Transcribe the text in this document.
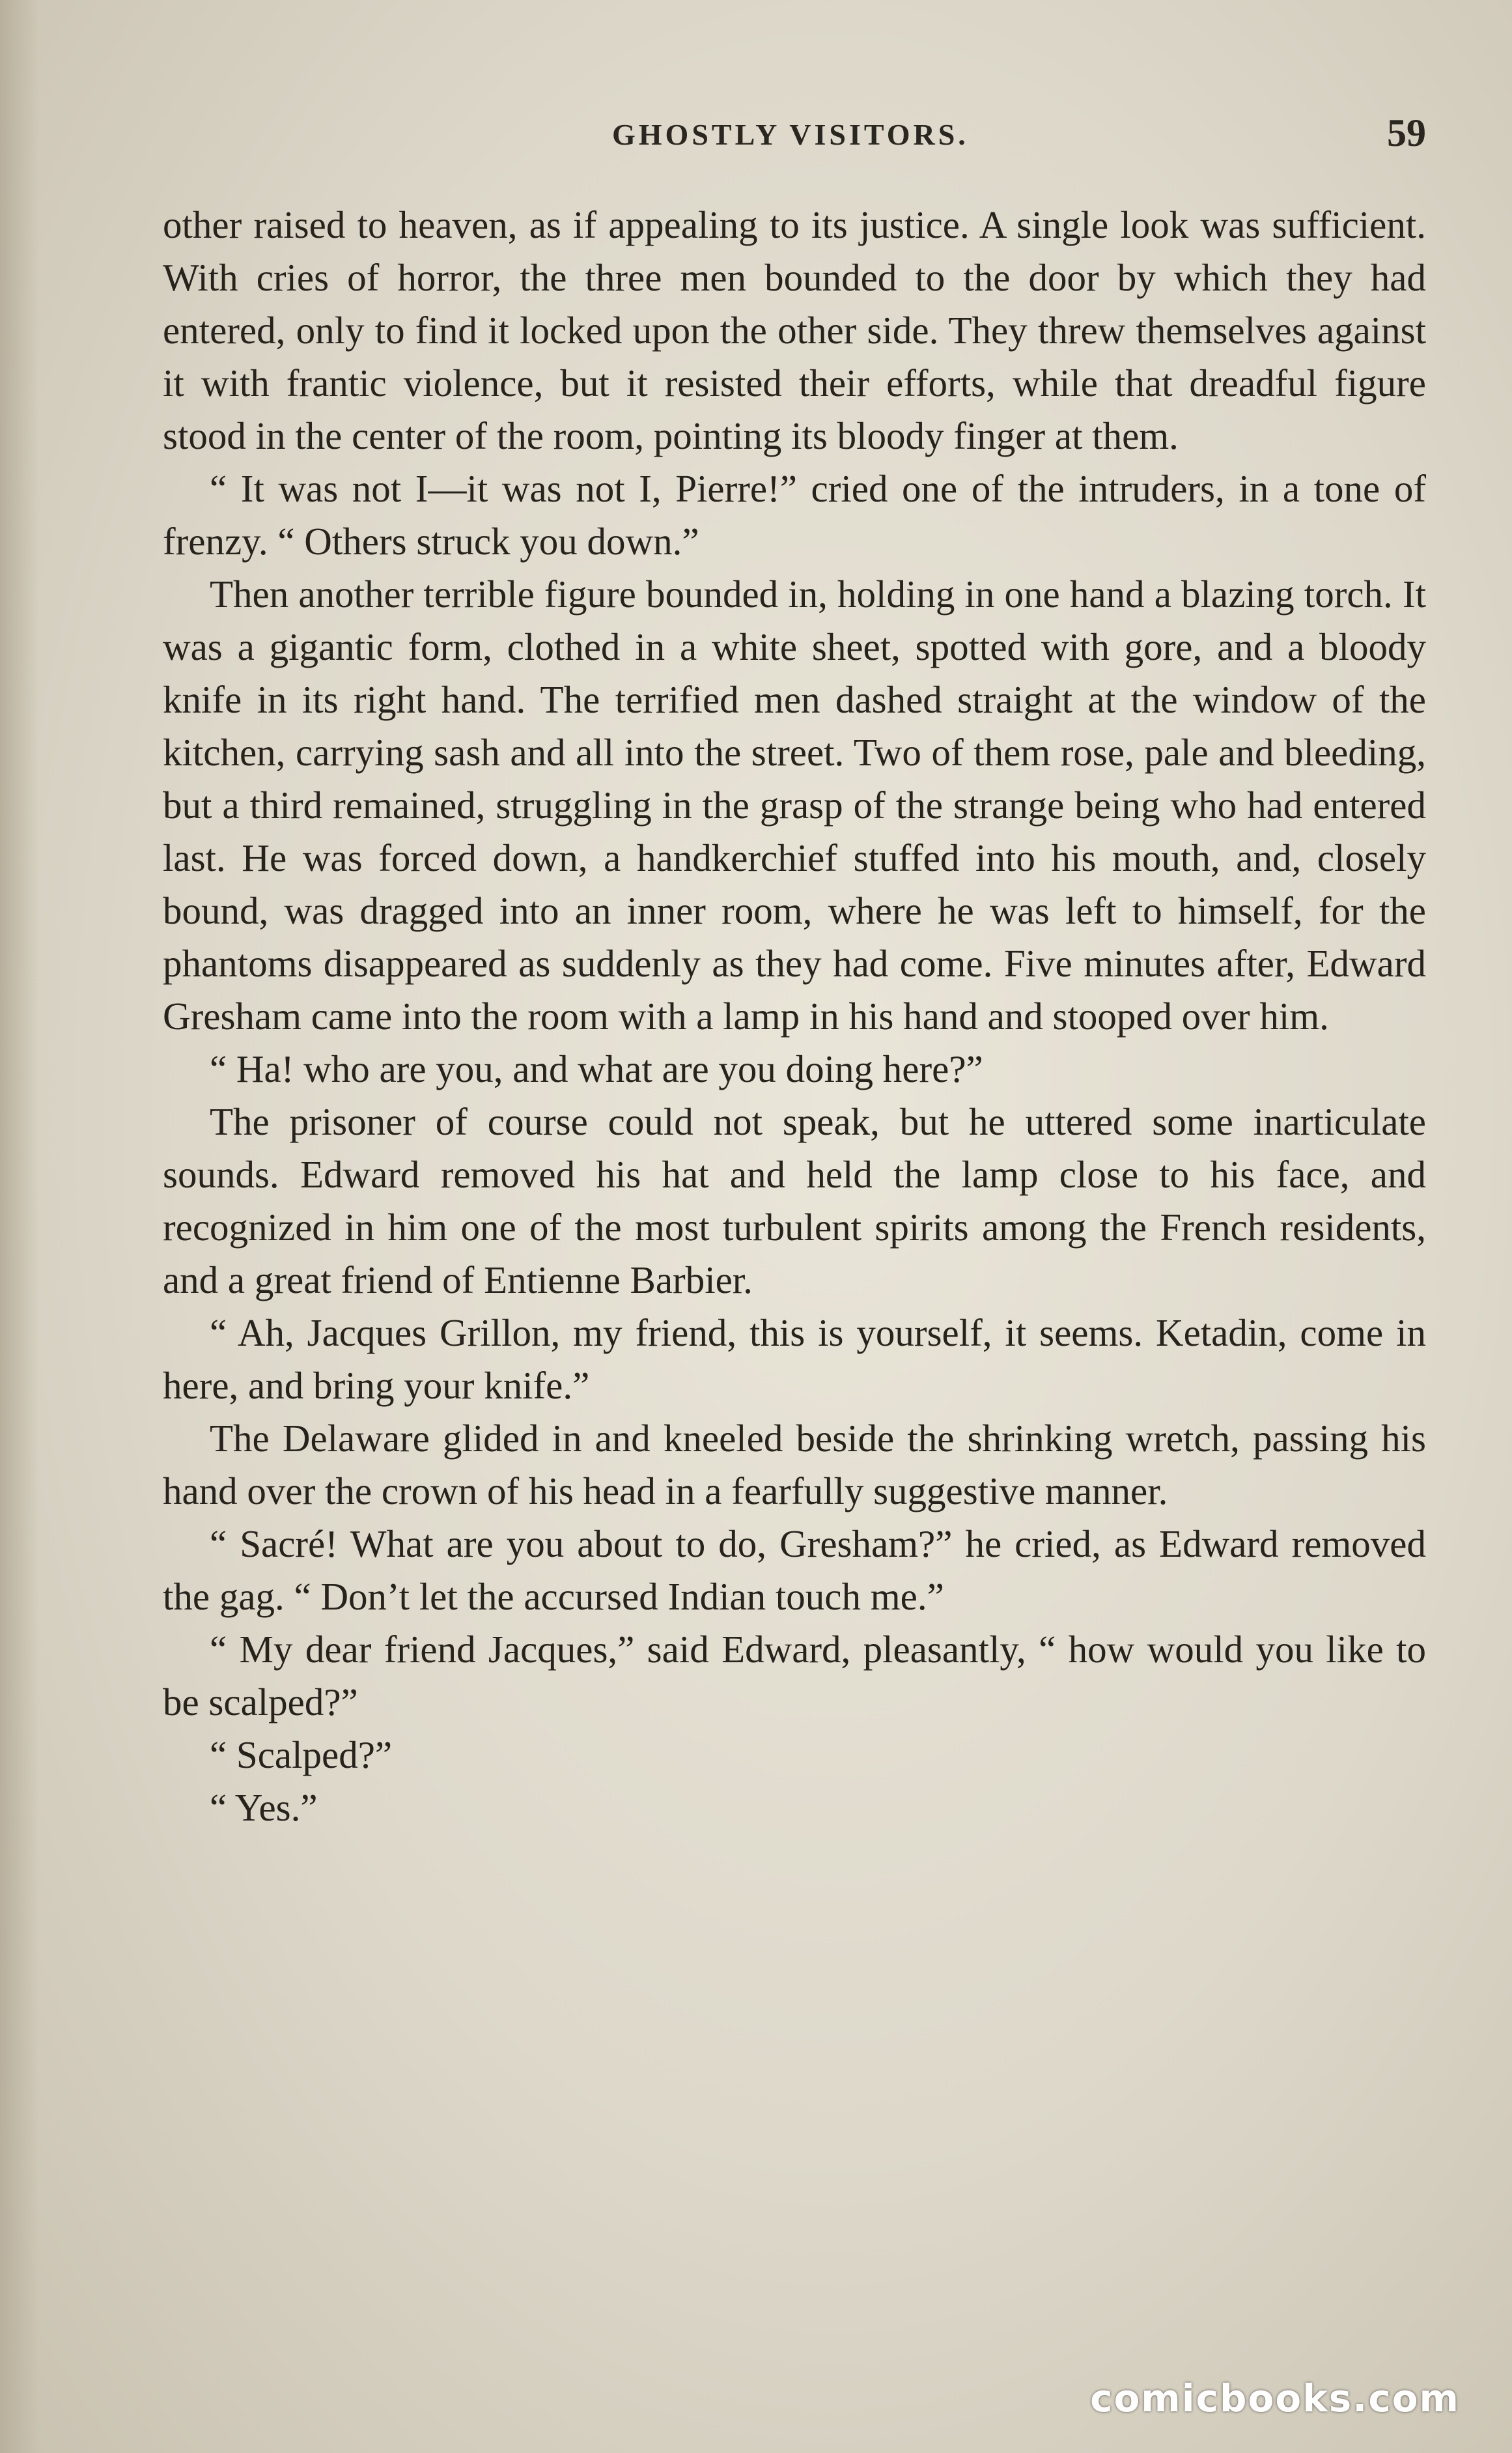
GHOSTLY VISITORS.	59

other raised to heaven, as if appealing to its justice. A single look was sufficient. With cries of horror, the three men bounded to the door by which they had entered, only to find it locked upon the other side. They threw themselves against it with frantic violence, but it resisted their efforts, while that dreadful figure stood in the center of the room, pointing its bloody finger at them.

“ It was not I—it was not I, Pierre!” cried one of the intruders, in a tone of frenzy. “ Others struck you down.”

Then another terrible figure bounded in, holding in one hand a blazing torch. It was a gigantic form, clothed in a white sheet, spotted with gore, and a bloody knife in its right hand. The terrified men dashed straight at the window of the kitchen, carrying sash and all into the street. Two of them rose, pale and bleeding, but a third remained, struggling in the grasp of the strange being who had entered last. He was forced down, a handkerchief stuffed into his mouth, and, closely bound, was dragged into an inner room, where he was left to himself, for the phantoms disappeared as suddenly as they had come. Five minutes after, Edward Gresham came into the room with a lamp in his hand and stooped over him.

“ Ha! who are you, and what are you doing here?”

The prisoner of course could not speak, but he uttered some inarticulate sounds. Edward removed his hat and held the lamp close to his face, and recognized in him one of the most turbulent spirits among the French residents, and a great friend of Entienne Barbier.

“ Ah, Jacques Grillon, my friend, this is yourself, it seems. Ketadin, come in here, and bring your knife.”

The Delaware glided in and kneeled beside the shrinking wretch, passing his hand over the crown of his head in a fearfully suggestive manner.

“ Sacré! What are you about to do, Gresham?” he cried, as Edward removed the gag. “ Don’t let the accursed Indian touch me.”

“ My dear friend Jacques,” said Edward, pleasantly, “ how would you like to be scalped?”

“ Scalped?”

“ Yes.”

comicbooks.com
